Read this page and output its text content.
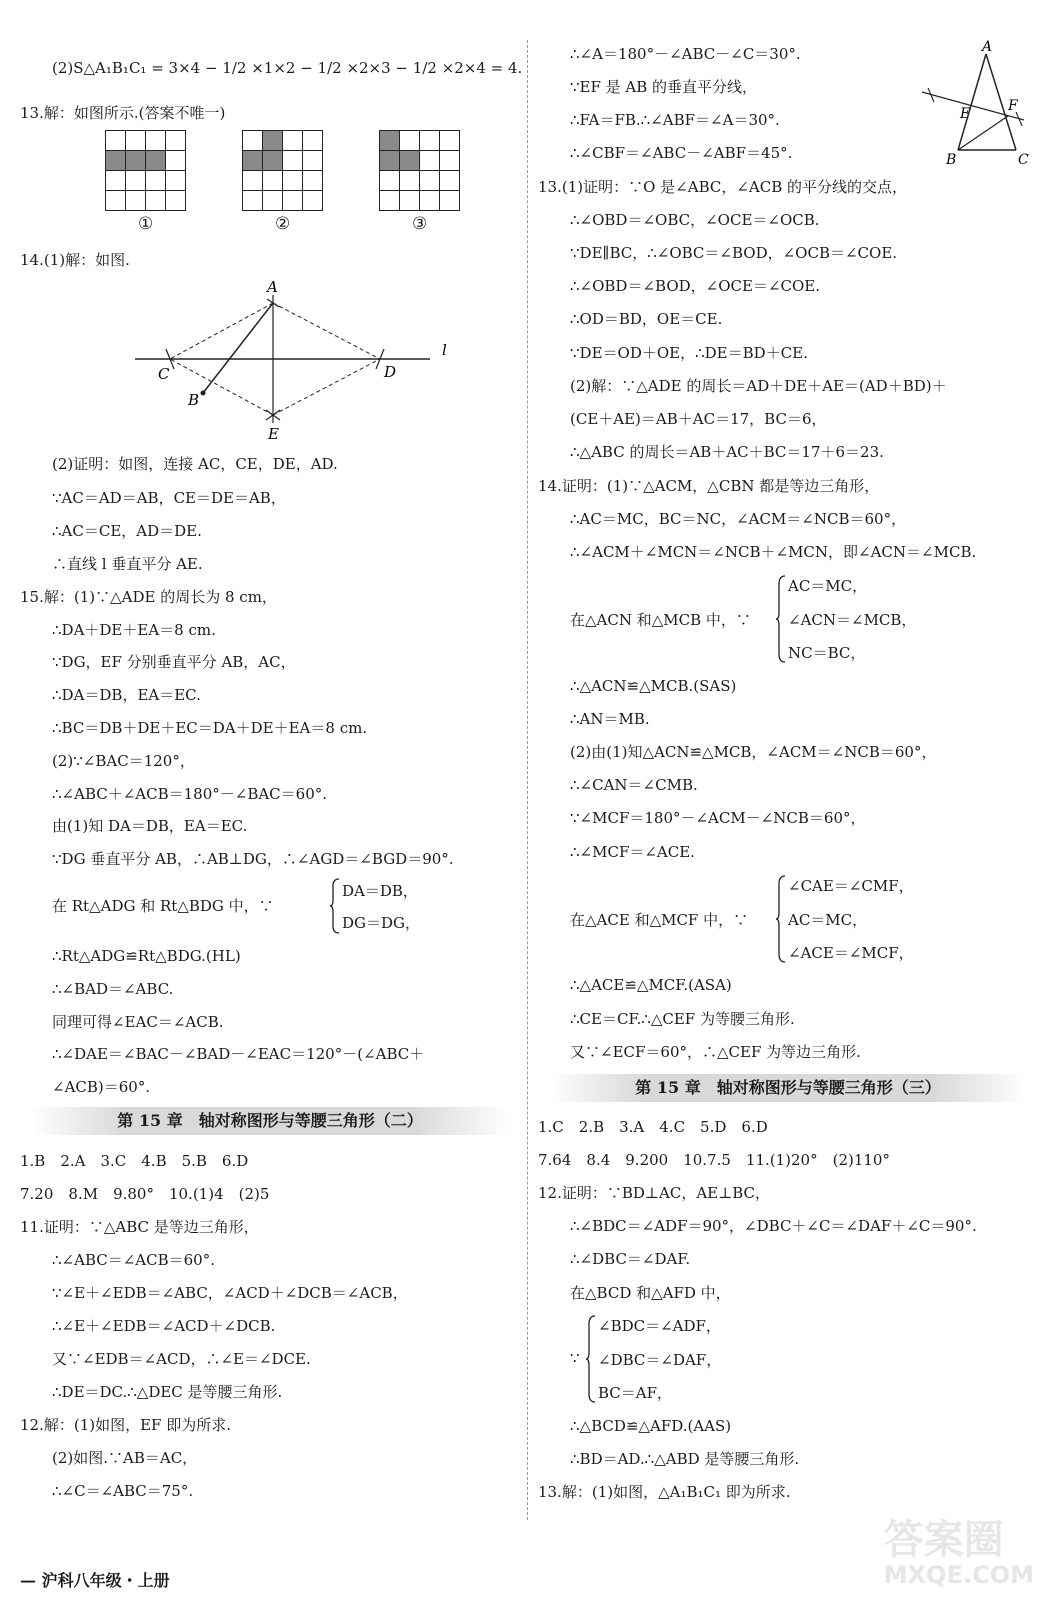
①	②	③
A
B
C	D
E
l
在 Rt△ADG 和 Rt△BDG 中，∵
DA＝DB，
DG＝DG，
第 15 章　轴对称图形与等腰三角形（二）
(2)S△A₁B₁C₁ = 3×4 − 1/2 ×1×2 − 1/2 ×2×3 − 1/2 ×2×4 = 4.
13.解：如图所示.(答案不唯一)
14.(1)解：如图.
(2)证明：如图，连接 AC，CE，DE，AD.
∵AC＝AD＝AB，CE＝DE＝AB，
∴AC＝CE，AD＝DE.
∴直线 l 垂直平分 AE.
15.解：(1)∵△ADE 的周长为 8 cm，
∴DA＋DE＋EA＝8 cm.
∵DG，EF 分别垂直平分 AB，AC，
∴DA＝DB，EA＝EC.
∴BC＝DB＋DE＋EC＝DA＋DE＋EA＝8 cm.
(2)∵∠BAC＝120°，
∴∠ABC＋∠ACB＝180°－∠BAC＝60°.
由(1)知 DA＝DB，EA＝EC.
∵DG 垂直平分 AB，∴AB⊥DG，∴∠AGD＝∠BGD＝90°.
∴Rt△ADG≌Rt△BDG.(HL)
∴∠BAD＝∠ABC.
同理可得∠EAC＝∠ACB.
∴∠DAE＝∠BAC－∠BAD－∠EAC＝120°－(∠ABC＋
∠ACB)＝60°.
1.B　2.A　3.C　4.B　5.B　6.D
7.20　8.M　9.80°　10.(1)4　(2)5
11.证明：∵△ABC 是等边三角形，
∴∠ABC＝∠ACB＝60°.
∵∠E＋∠EDB＝∠ABC，∠ACD＋∠DCB＝∠ACB，
∴∠E＋∠EDB＝∠ACD＋∠DCB.
又∵∠EDB＝∠ACD，∴∠E＝∠DCE.
∴DE＝DC.∴△DEC 是等腰三角形.
12.解：(1)如图，EF 即为所求.
(2)如图.∵AB＝AC，
∴∠C＝∠ABC＝75°.
A
B	C
E	F
在△ACN 和△MCB 中，∵
AC＝MC，
∠ACN＝∠MCB，
NC＝BC，
在△ACE 和△MCF 中，∵
∠CAE＝∠CMF，
AC＝MC，
∠ACE＝∠MCF，
第 15 章　轴对称图形与等腰三角形（三）
∵
∠BDC＝∠ADF，
∠DBC＝∠DAF，
BC＝AF，
∴∠A＝180°－∠ABC－∠C＝30°.
∵EF 是 AB 的垂直平分线，
∴FA＝FB.∴∠ABF＝∠A＝30°.
∴∠CBF＝∠ABC－∠ABF＝45°.
13.(1)证明：∵O 是∠ABC，∠ACB 的平分线的交点，
∴∠OBD＝∠OBC，∠OCE＝∠OCB.
∵DE∥BC，∴∠OBC＝∠BOD，∠OCB＝∠COE.
∴∠OBD＝∠BOD，∠OCE＝∠COE.
∴OD＝BD，OE＝CE.
∵DE＝OD＋OE，∴DE＝BD＋CE.
(2)解：∵△ADE 的周长＝AD＋DE＋AE＝(AD＋BD)＋
(CE＋AE)＝AB＋AC＝17，BC＝6，
∴△ABC 的周长＝AB＋AC＋BC＝17＋6＝23.
14.证明：(1)∵△ACM，△CBN 都是等边三角形，
∴AC＝MC，BC＝NC，∠ACM＝∠NCB＝60°，
∴∠ACM＋∠MCN＝∠NCB＋∠MCN，即∠ACN＝∠MCB.
∴△ACN≌△MCB.(SAS)
∴AN＝MB.
(2)由(1)知△ACN≌△MCB，∠ACM＝∠NCB＝60°，
∴∠CAN＝∠CMB.
∵∠MCF＝180°－∠ACM－∠NCB＝60°，
∴∠MCF＝∠ACE.
∴△ACE≌△MCF.(ASA)
∴CE＝CF.∴△CEF 为等腰三角形.
又∵∠ECF＝60°，∴△CEF 为等边三角形.
1.C　2.B　3.A　4.C　5.D　6.D
7.64　8.4　9.200　10.7.5　11.(1)20°　(2)110°
12.证明：∵BD⊥AC，AE⊥BC，
∴∠BDC＝∠ADF＝90°，∠DBC＋∠C＝∠DAF＋∠C＝90°.
∴∠DBC＝∠DAF.
在△BCD 和△AFD 中，
∴△BCD≌△AFD.(AAS)
∴BD＝AD.∴△ABD 是等腰三角形.
13.解：(1)如图，△A₁B₁C₁ 即为所求.
— 沪科八年级・上册
答案圈
MXQE.COM
